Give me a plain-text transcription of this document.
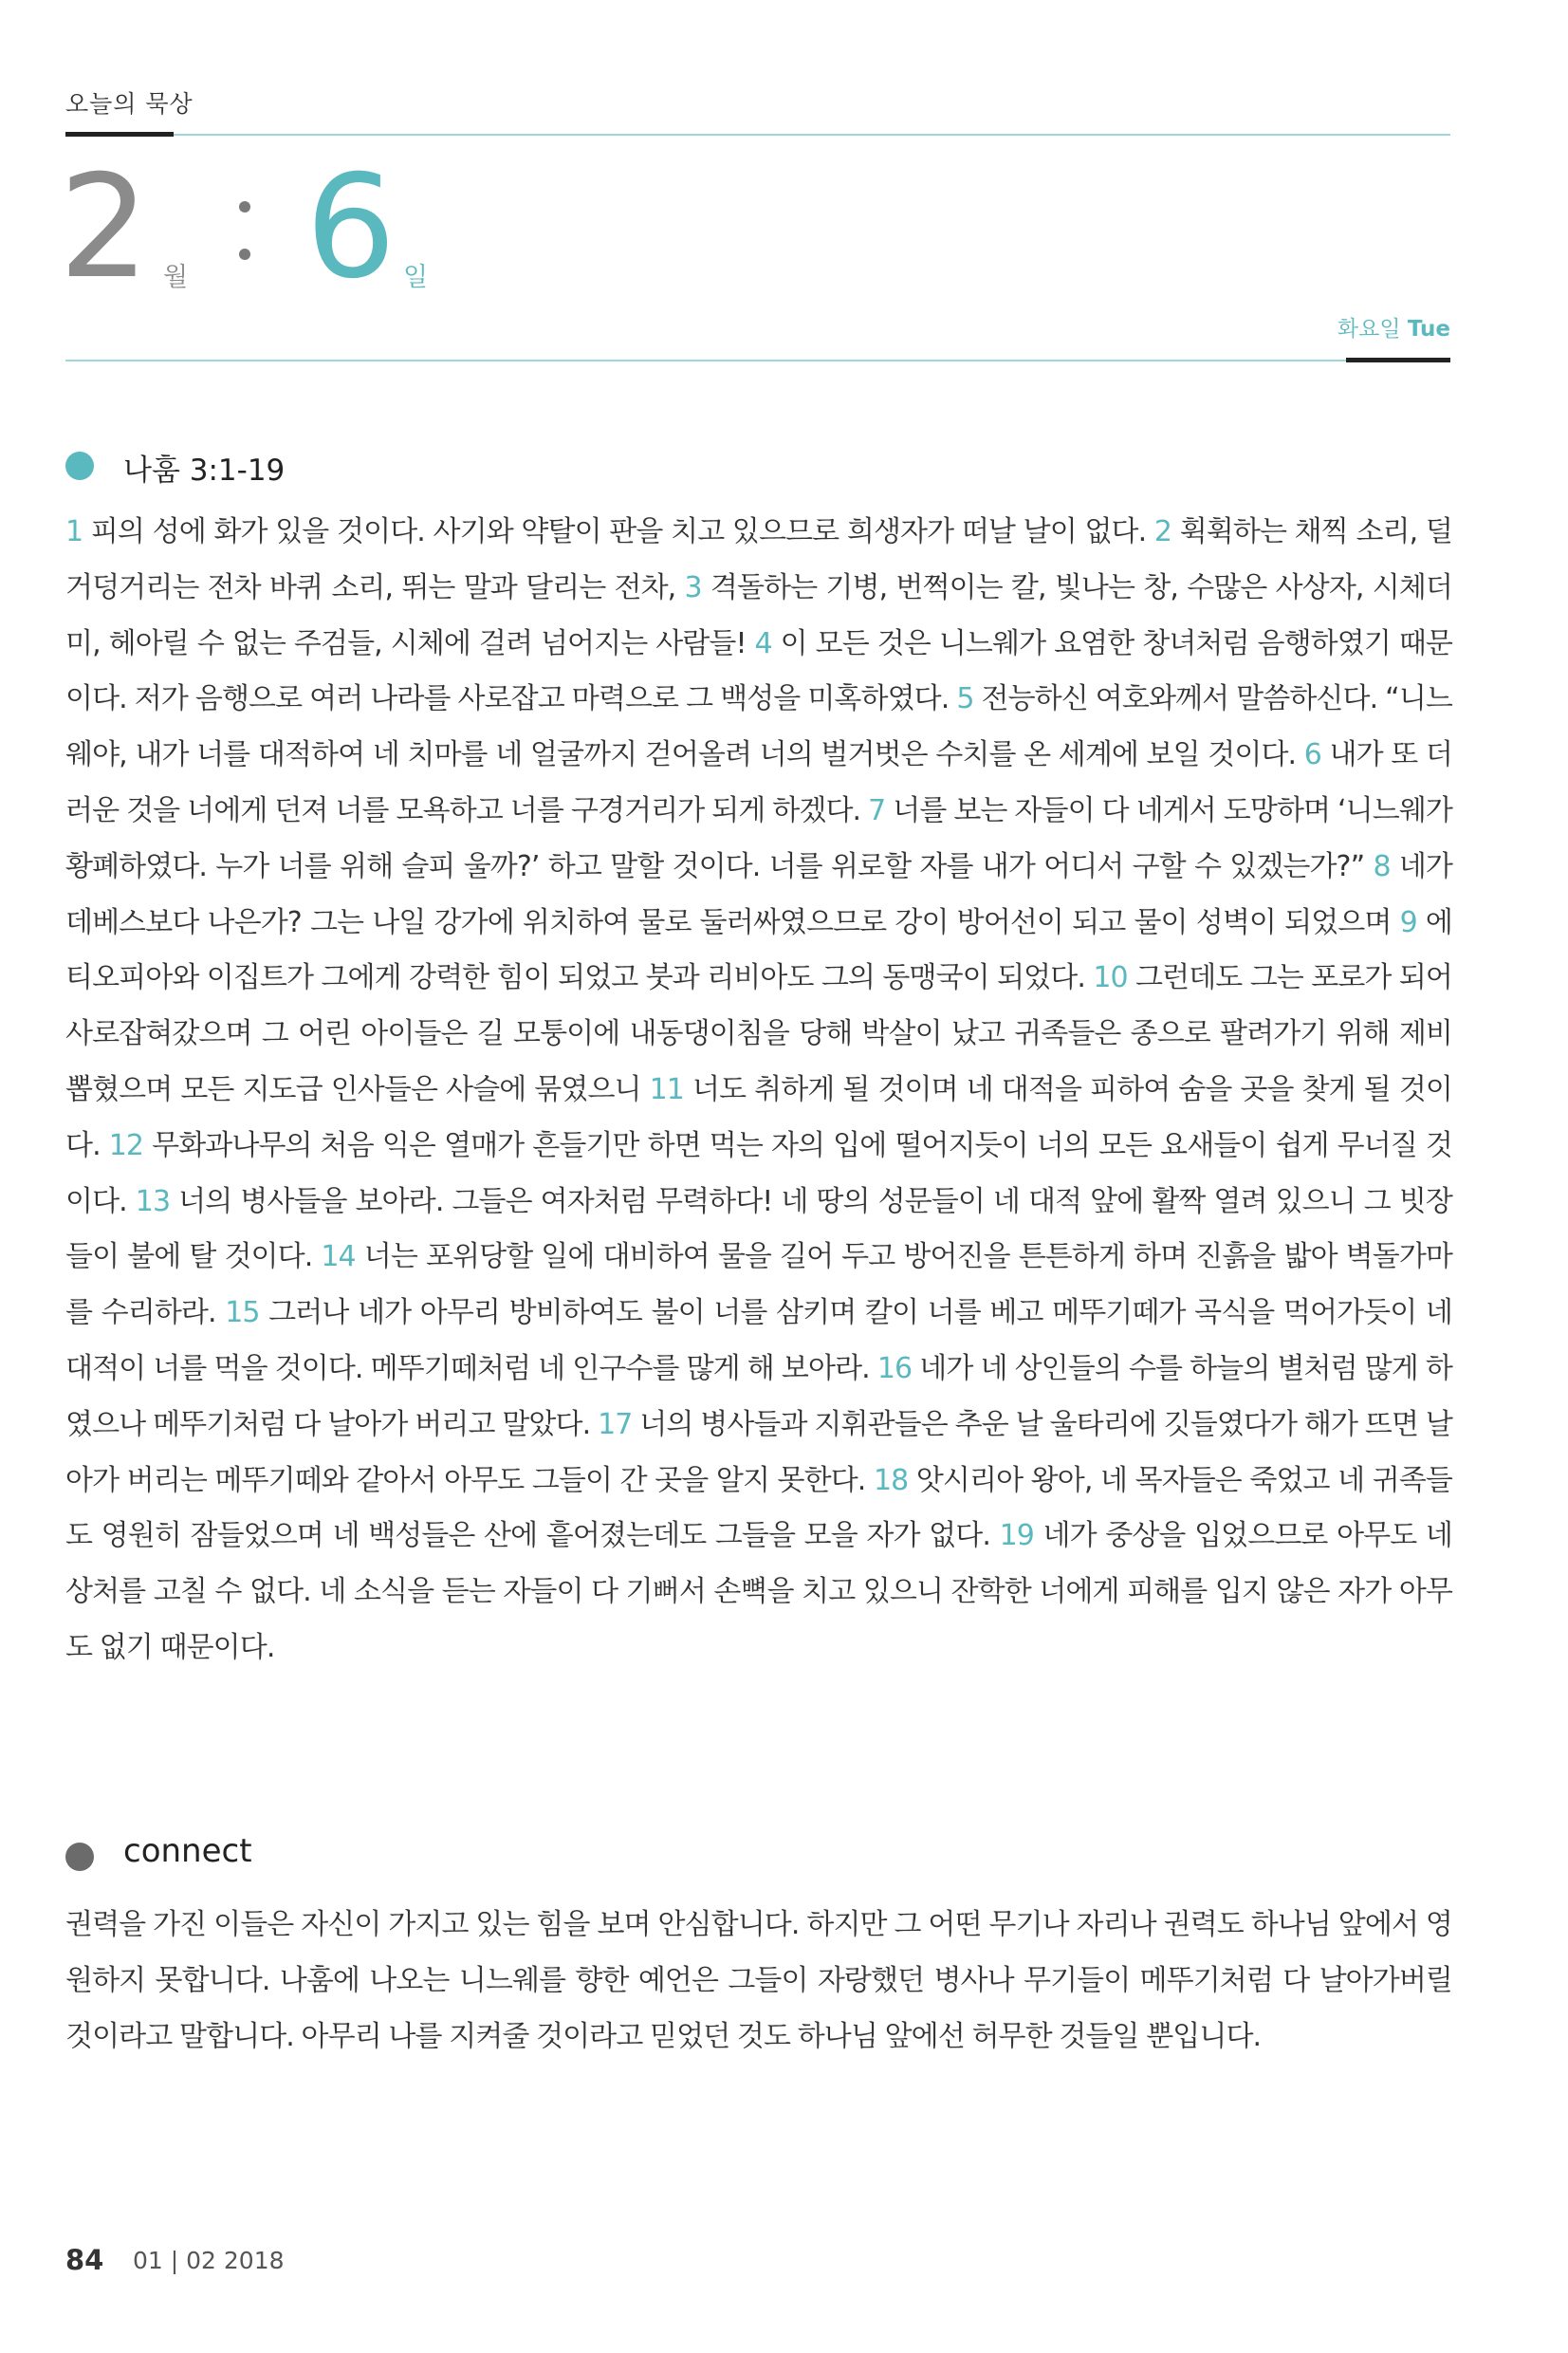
오늘의 묵상
2 월 6 일
화요일 Tue
나훔 3:1-19
1 피의 성에 화가 있을 것이다. 사기와 약탈이 판을 치고 있으므로 희생자가 떠날 날이 없다. 2 휙휙하는 채찍 소리, 덜거덩거리는 전차 바퀴 소리, 뛰는 말과 달리는 전차, 3 격돌하는 기병, 번쩍이는 칼, 빛나는 창, 수많은 사상자, 시체더미, 헤아릴 수 없는 주검들, 시체에 걸려 넘어지는 사람들! 4 이 모든 것은 니느웨가 요염한 창녀처럼 음행하였기 때문이다. 저가 음행으로 여러 나라를 사로잡고 마력으로 그 백성을 미혹하였다. 5 전능하신 여호와께서 말씀하신다. “니느웨야, 내가 너를 대적하여 네 치마를 네 얼굴까지 걷어올려 너의 벌거벗은 수치를 온 세계에 보일 것이다. 6 내가 또 더러운 것을 너에게 던져 너를 모욕하고 너를 구경거리가 되게 하겠다. 7 너를 보는 자들이 다 네게서 도망하며 ‘니느웨가 황폐하였다. 누가 너를 위해 슬피 울까?’ 하고 말할 것이다. 너를 위로할 자를 내가 어디서 구할 수 있겠는가?” 8 네가 데베스보다 나은가? 그는 나일 강가에 위치하여 물로 둘러싸였으므로 강이 방어선이 되고 물이 성벽이 되었으며 9 에티오피아와 이집트가 그에게 강력한 힘이 되었고 붓과 리비아도 그의 동맹국이 되었다. 10 그런데도 그는 포로가 되어 사로잡혀갔으며 그 어린 아이들은 길 모퉁이에 내동댕이침을 당해 박살이 났고 귀족들은 종으로 팔려가기 위해 제비 뽑혔으며 모든 지도급 인사들은 사슬에 묶였으니 11 너도 취하게 될 것이며 네 대적을 피하여 숨을 곳을 찾게 될 것이다. 12 무화과나무의 처음 익은 열매가 흔들기만 하면 먹는 자의 입에 떨어지듯이 너의 모든 요새들이 쉽게 무너질 것이다. 13 너의 병사들을 보아라. 그들은 여자처럼 무력하다! 네 땅의 성문들이 네 대적 앞에 활짝 열려 있으니 그 빗장들이 불에 탈 것이다. 14 너는 포위당할 일에 대비하여 물을 길어 두고 방어진을 튼튼하게 하며 진흙을 밟아 벽돌가마를 수리하라. 15 그러나 네가 아무리 방비하여도 불이 너를 삼키며 칼이 너를 베고 메뚜기떼가 곡식을 먹어가듯이 네 대적이 너를 먹을 것이다. 메뚜기떼처럼 네 인구수를 많게 해 보아라. 16 네가 네 상인들의 수를 하늘의 별처럼 많게 하였으나 메뚜기처럼 다 날아가 버리고 말았다. 17 너의 병사들과 지휘관들은 추운 날 울타리에 깃들였다가 해가 뜨면 날아가 버리는 메뚜기떼와 같아서 아무도 그들이 간 곳을 알지 못한다. 18 앗시리아 왕아, 네 목자들은 죽었고 네 귀족들도 영원히 잠들었으며 네 백성들은 산에 흩어졌는데도 그들을 모을 자가 없다. 19 네가 중상을 입었으므로 아무도 네 상처를 고칠 수 없다. 네 소식을 듣는 자들이 다 기뻐서 손뼉을 치고 있으니 잔학한 너에게 피해를 입지 않은 자가 아무도 없기 때문이다.
connect
권력을 가진 이들은 자신이 가지고 있는 힘을 보며 안심합니다. 하지만 그 어떤 무기나 자리나 권력도 하나님 앞에서 영원하지 못합니다. 나훔에 나오는 니느웨를 향한 예언은 그들이 자랑했던 병사나 무기들이 메뚜기처럼 다 날아가버릴 것이라고 말합니다. 아무리 나를 지켜줄 것이라고 믿었던 것도 하나님 앞에선 허무한 것들일 뿐입니다.
84 01 | 02 2018
